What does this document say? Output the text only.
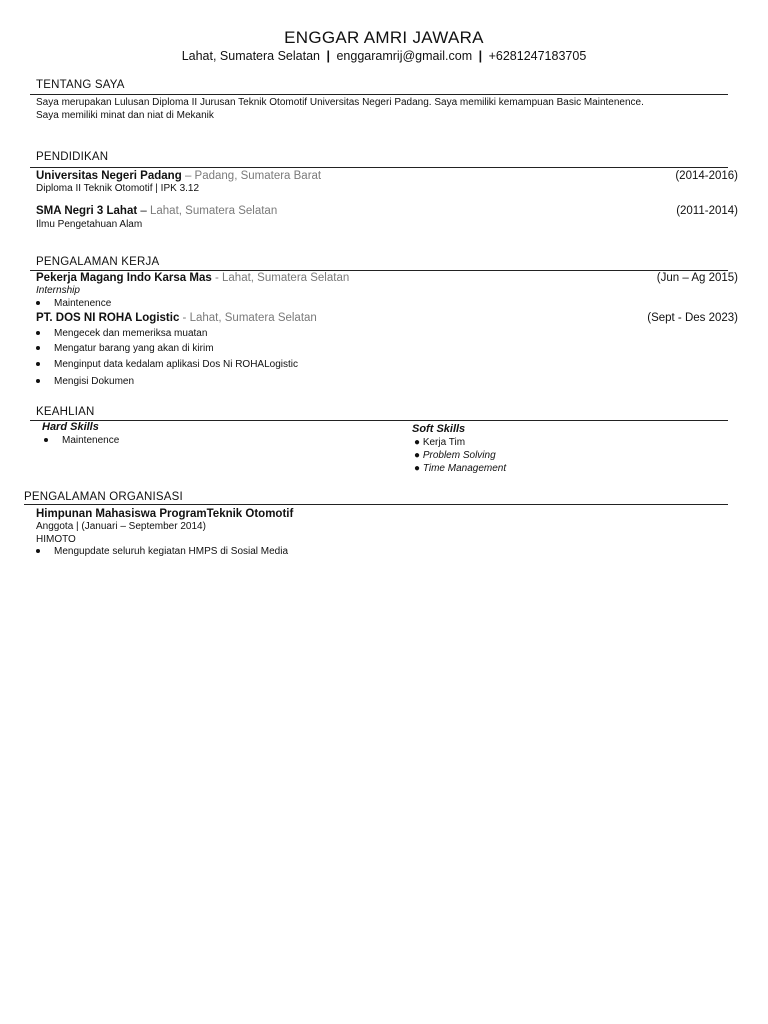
ENGGAR AMRI JAWARA
Lahat, Sumatera Selatan | enggaramrij@gmail.com | +6281247183705
TENTANG SAYA
Saya merupakan Lulusan Diploma II Jurusan Teknik Otomotif Universitas Negeri Padang. Saya memiliki kemampuan Basic Maintenence.
Saya memiliki minat dan niat di Mekanik
PENDIDIKAN
Universitas Negeri Padang – Padang, Sumatera Barat	(2014-2016)
Diploma II Teknik Otomotif | IPK 3.12
SMA Negri 3 Lahat – Lahat, Sumatera Selatan	(2011-2014)
Ilmu Pengetahuan Alam
PENGALAMAN KERJA
Pekerja Magang Indo Karsa Mas - Lahat, Sumatera Selatan	(Jun – Ag 2015)
Internship
Maintenence
PT. DOS NI ROHA Logistic - Lahat, Sumatera Selatan	(Sept - Des 2023)
Mengecek dan memeriksa muatan
Mengatur barang yang akan di kirim
Menginput data kedalam aplikasi Dos Ni ROHALogistic
Mengisi Dokumen
KEAHLIAN
Hard Skills
Maintenence
Soft Skills
● Kerja Tim
● Problem Solving
● Time Management
PENGALAMAN ORGANISASI
Himpunan Mahasiswa ProgramTeknik Otomotif
Anggota | (Januari – September 2014)
HIMOTO
Mengupdate seluruh kegiatan HMPS di Sosial Media
